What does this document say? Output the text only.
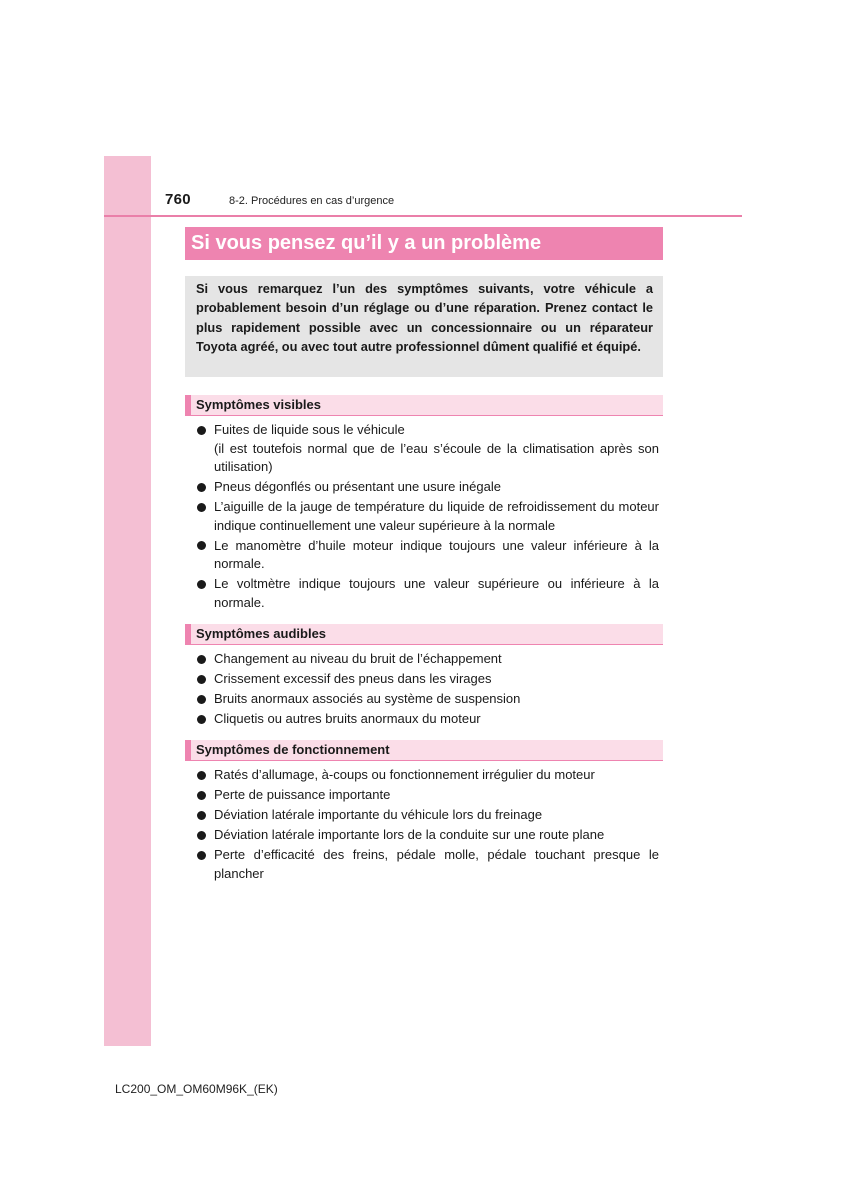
760	8-2. Procédures en cas d’urgence
Si vous pensez qu’il y a un problème

Si vous remarquez l’un des symptômes suivants, votre véhicule a probablement besoin d’un réglage ou d’une réparation. Prenez contact le plus rapidement possible avec un concessionnaire ou un réparateur Toyota agréé, ou avec tout autre professionnel dûment qualifié et équipé.

Symptômes visibles
Fuites de liquide sous le véhicule
(il est toutefois normal que de l’eau s’écoule de la climatisation après son utilisation)
Pneus dégonflés ou présentant une usure inégale
L’aiguille de la jauge de température du liquide de refroidissement du moteur indique continuellement une valeur supérieure à la normale
Le manomètre d’huile moteur indique toujours une valeur inférieure à la normale.
Le voltmètre indique toujours une valeur supérieure ou inférieure à la normale.
Symptômes audibles
Changement au niveau du bruit de l’échappement
Crissement excessif des pneus dans les virages
Bruits anormaux associés au système de suspension
Cliquetis ou autres bruits anormaux du moteur
Symptômes de fonctionnement
Ratés d’allumage, à-coups ou fonctionnement irrégulier du moteur
Perte de puissance importante
Déviation latérale importante du véhicule lors du freinage
Déviation latérale importante lors de la conduite sur une route plane
Perte d’efficacité des freins, pédale molle, pédale touchant presque le plancher
LC200_OM_OM60M96K_(EK)
